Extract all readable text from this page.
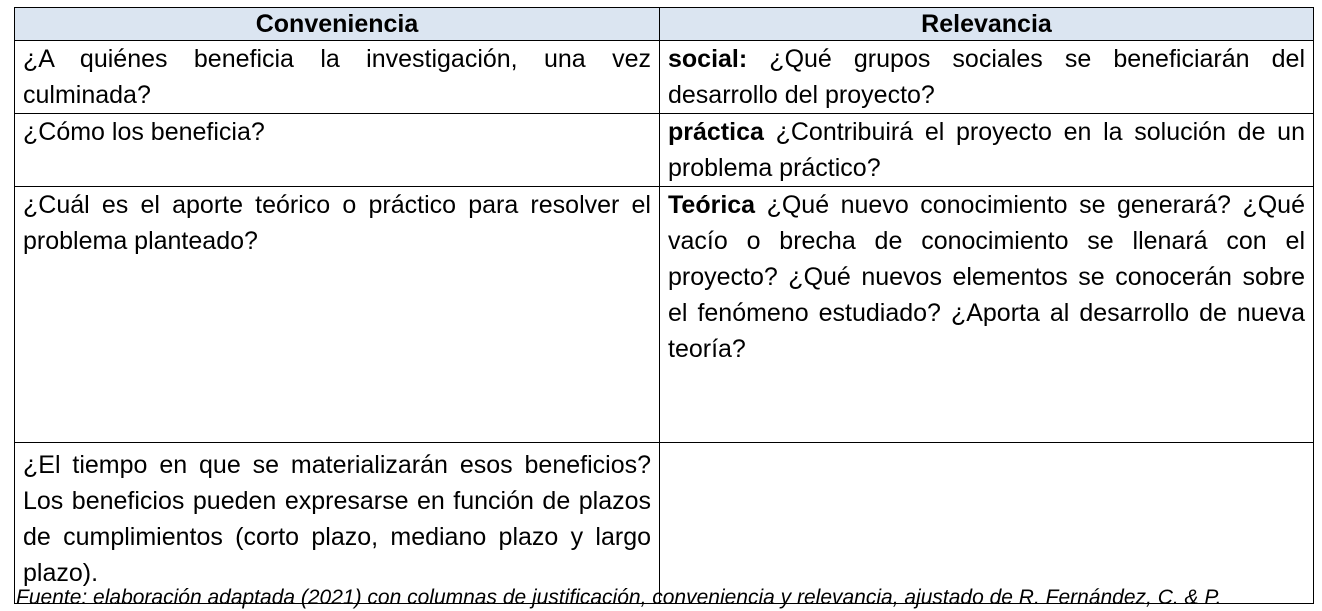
Conveniencia	Relevancia
¿A quiénes beneficia la investigación, una vez culminada?	social: ¿Qué grupos sociales se beneficiarán del desarrollo del proyecto?
¿Cómo los beneficia?	práctica ¿Contribuirá el proyecto en la solución de un problema práctico?
¿Cuál es el aporte teórico o práctico para resolver el problema planteado?	Teórica ¿Qué nuevo conocimiento se generará? ¿Qué vacío o brecha de conocimiento se llenará con el proyecto? ¿Qué nuevos elementos se conocerán sobre el fenómeno estudiado? ¿Aporta al desarrollo de nueva teoría?
¿El tiempo en que se materializarán esos beneficios? Los beneficios pueden expresarse en función de plazos de cumplimientos (corto plazo, mediano plazo y largo plazo).	
Fuente: elaboración adaptada (2021) con columnas de justificación, conveniencia y relevancia, ajustado de R. Fernández, C. & P.
